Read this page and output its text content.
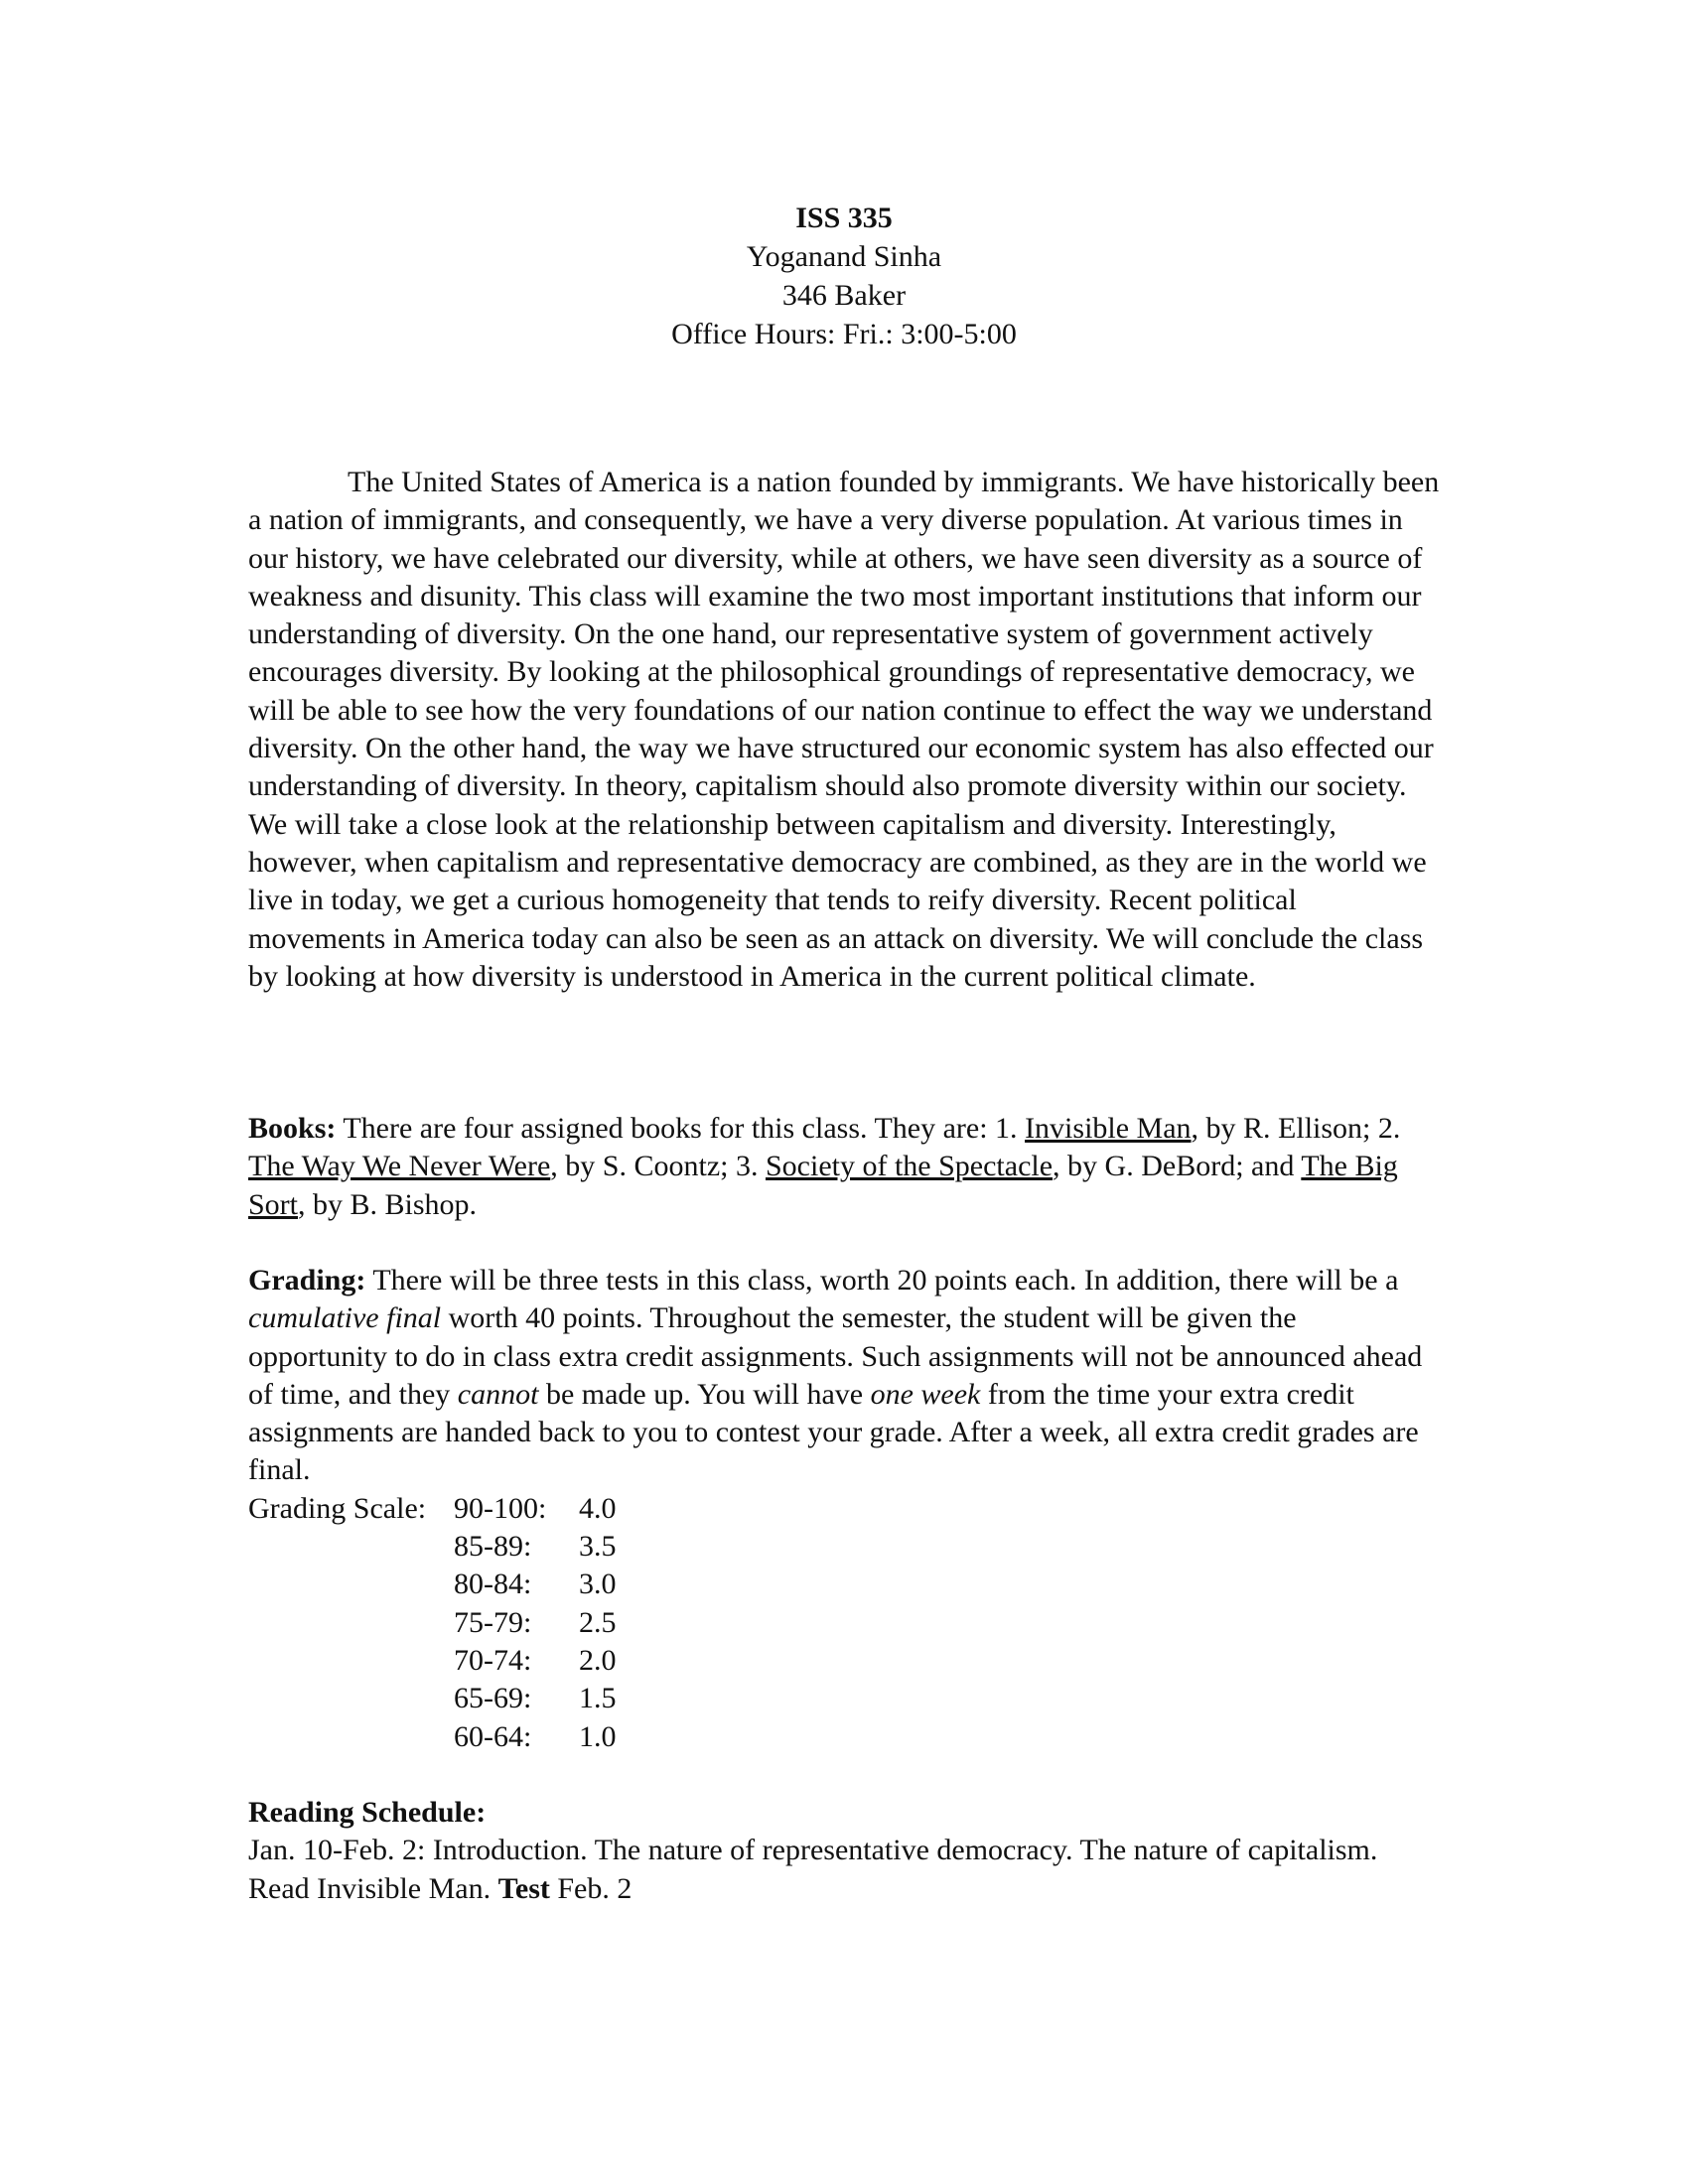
ISS 335
Yoganand Sinha
346 Baker
Office Hours: Fri.: 3:00-5:00

The United States of America is a nation founded by immigrants. We have historically been a nation of immigrants, and consequently, we have a very diverse population. At various times in our history, we have celebrated our diversity, while at others, we have seen diversity as a source of weakness and disunity. This class will examine the two most important institutions that inform our understanding of diversity. On the one hand, our representative system of government actively encourages diversity. By looking at the philosophical groundings of representative democracy, we will be able to see how the very foundations of our nation continue to effect the way we understand diversity. On the other hand, the way we have structured our economic system has also effected our understanding of diversity. In theory, capitalism should also promote diversity within our society. We will take a close look at the relationship between capitalism and diversity. Interestingly, however, when capitalism and representative democracy are combined, as they are in the world we live in today, we get a curious homogeneity that tends to reify diversity. Recent political movements in America today can also be seen as an attack on diversity. We will conclude the class by looking at how diversity is understood in America in the current political climate.

Books: There are four assigned books for this class. They are: 1. Invisible Man, by R. Ellison; 2. The Way We Never Were, by S. Coontz; 3. Society of the Spectacle, by G. DeBord; and The Big Sort, by B. Bishop.

Grading: There will be three tests in this class, worth 20 points each. In addition, there will be a cumulative final worth 40 points. Throughout the semester, the student will be given the opportunity to do in class extra credit assignments. Such assignments will not be announced ahead of time, and they cannot be made up. You will have one week from the time your extra credit assignments are handed back to you to contest your grade. After a week, all extra credit grades are final.

Grading Scale: 90-100:	4.0
85-89:	3.5
80-84:	3.0
75-79:	2.5
70-74:	2.0
65-69:	1.5
60-64:	1.0

Reading Schedule:

Jan. 10-Feb. 2: Introduction. The nature of representative democracy. The nature of capitalism. Read Invisible Man. Test Feb. 2
